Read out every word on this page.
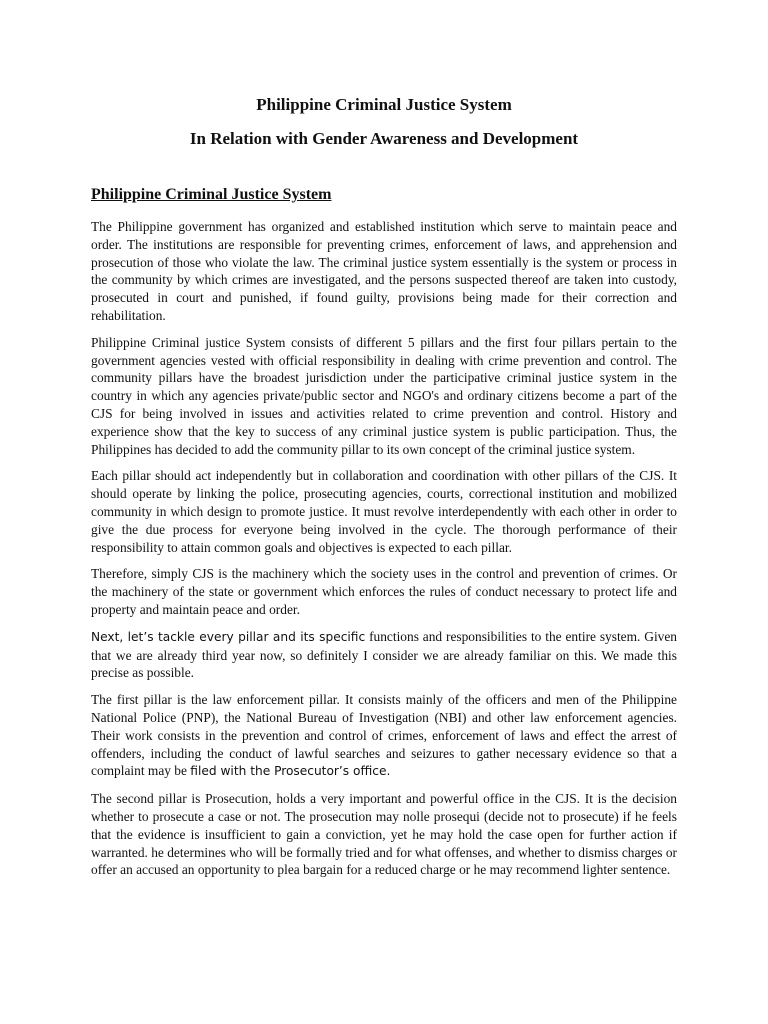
Philippine Criminal Justice System
In Relation with Gender Awareness and Development
Philippine Criminal Justice System

The Philippine government has organized and established institution which serve to maintain peace and order. The institutions are responsible for preventing crimes, enforcement of laws, and apprehension and prosecution of those who violate the law. The criminal justice system essentially is the system or process in the community by which crimes are investigated, and the persons suspected thereof are taken into custody, prosecuted in court and punished, if found guilty, provisions being made for their correction and rehabilitation.

Philippine Criminal justice System consists of different 5 pillars and the first four pillars pertain to the government agencies vested with official responsibility in dealing with crime prevention and control. The community pillars have the broadest jurisdiction under the participative criminal justice system in the country in which any agencies private/public sector and NGO's and ordinary citizens become a part of the CJS for being involved in issues and activities related to crime prevention and control. History and experience show that the key to success of any criminal justice system is public participation. Thus, the Philippines has decided to add the community pillar to its own concept of the criminal justice system.

Each pillar should act independently but in collaboration and coordination with other pillars of the CJS. It should operate by linking the police, prosecuting agencies, courts, correctional institution and mobilized community in which design to promote justice. It must revolve interdependently with each other in order to give the due process for everyone being involved in the cycle. The thorough performance of their responsibility to attain common goals and objectives is expected to each pillar.

Therefore, simply CJS is the machinery which the society uses in the control and prevention of crimes. Or the machinery of the state or government which enforces the rules of conduct necessary to protect life and property and maintain peace and order.

Next, let’s tackle every pillar and its specific functions and responsibilities to the entire system. Given that we are already third year now, so definitely I consider we are already familiar on this. We made this precise as possible.

The first pillar is the law enforcement pillar. It consists mainly of the officers and men of the Philippine National Police (PNP), the National Bureau of Investigation (NBI) and other law enforcement agencies. Their work consists in the prevention and control of crimes, enforcement of laws and effect the arrest of offenders, including the conduct of lawful searches and seizures to gather necessary evidence so that a complaint may be filed with the Prosecutor’s office.

The second pillar is Prosecution, holds a very important and powerful office in the CJS. It is the decision whether to prosecute a case or not. The prosecution may nolle prosequi (decide not to prosecute) if he feels that the evidence is insufficient to gain a conviction, yet he may hold the case open for further action if warranted. he determines who will be formally tried and for what offenses, and whether to dismiss charges or offer an accused an opportunity to plea bargain for a reduced charge or he may recommend lighter sentence.
